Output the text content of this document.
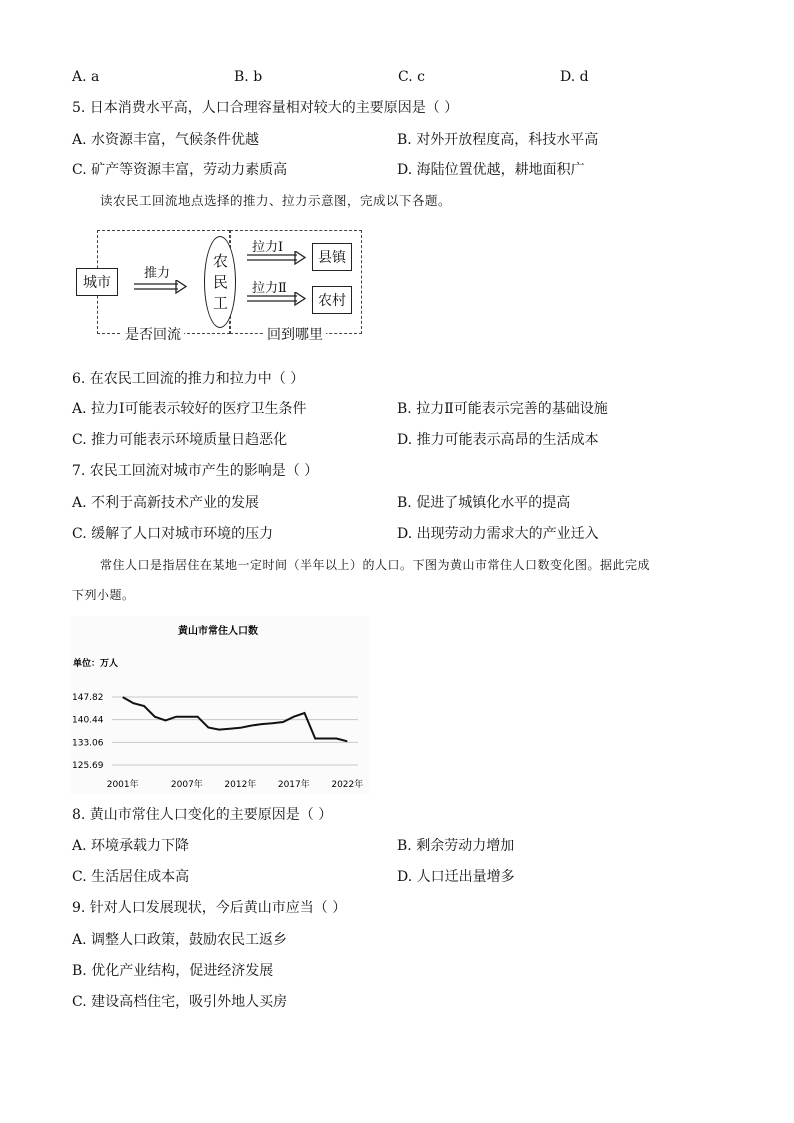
A. a	B. b	C. c	D. d
5. 日本消费水平高，人口合理容量相对较大的主要原因是（ ）
A. 水资源丰富，气候条件优越	B. 对外开放程度高，科技水平高
C. 矿产等资源丰富，劳动力素质高	D. 海陆位置优越，耕地面积广
读农民工回流地点选择的推力、拉力示意图，完成以下各题。
城市
推力
农
民
工
拉力Ⅰ
县镇
拉力Ⅱ
农村
是否回流	回到哪里
6. 在农民工回流的推力和拉力中（ ）
A. 拉力Ⅰ可能表示较好的医疗卫生条件	B. 拉力Ⅱ可能表示完善的基础设施
C. 推力可能表示环境质量日趋恶化	D. 推力可能表示高昂的生活成本
7. 农民工回流对城市产生的影响是（ ）
A. 不利于高新技术产业的发展	B. 促进了城镇化水平的提高
C. 缓解了人口对城市环境的压力	D. 出现劳动力需求大的产业迁入
常住人口是指居住在某地一定时间（半年以上）的人口。下图为黄山市常住人口数变化图。据此完成
下列小题。
黄山市常住人口数
单位：万人
147.82
140.44
133.06
125.69
2001年	2007年 2012年 2017年 2022年
8. 黄山市常住人口变化的主要原因是（ ）
A. 环境承载力下降	B. 剩余劳动力增加
C. 生活居住成本高	D. 人口迁出量增多
9. 针对人口发展现状，今后黄山市应当（ ）
A. 调整人口政策，鼓励农民工返乡
B. 优化产业结构，促进经济发展
C. 建设高档住宅，吸引外地人买房
